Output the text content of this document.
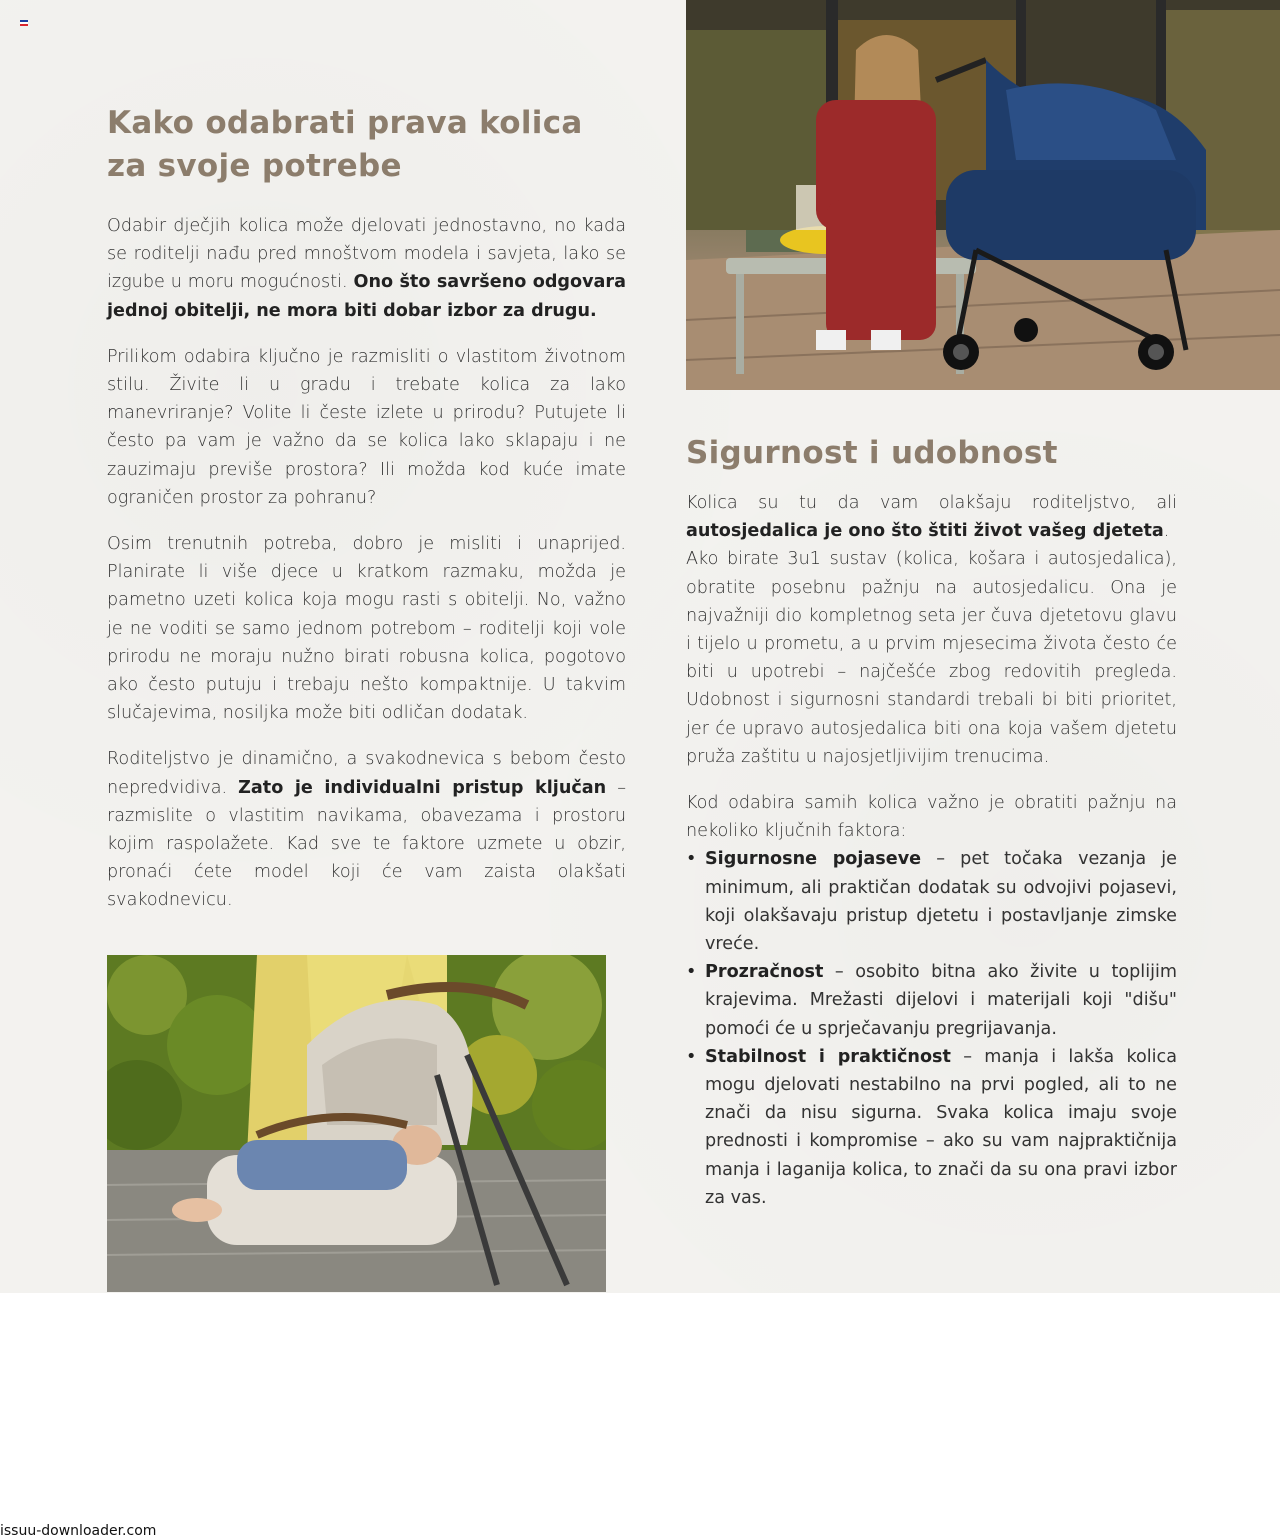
Kako odabrati prava kolica
za svoje potrebe

Odabir dječjih kolica može djelovati jednostavno, no kada se roditelji nađu pred mnoštvom modela i savjeta, lako se izgube u moru mogućnosti. Ono što savršeno odgovara jednoj obitelji, ne mora biti dobar izbor za drugu.

Prilikom odabira ključno je razmisliti o vlastitom životnom stilu. Živite li u gradu i trebate kolica za lako manevriranje? Volite li česte izlete u prirodu? Putujete li često pa vam je važno da se kolica lako sklapaju i ne zauzimaju previše prostora? Ili možda kod kuće imate ograničen prostor za pohranu?

Osim trenutnih potreba, dobro je misliti i unaprijed. Planirate li više djece u kratkom razmaku, možda je pametno uzeti kolica koja mogu rasti s obitelji. No, važno je ne voditi se samo jednom potrebom – roditelji koji vole prirodu ne moraju nužno birati robusna kolica, pogotovo ako često putuju i trebaju nešto kompaktnije. U takvim slučajevima, nosiljka može biti odličan dodatak.

Roditeljstvo je dinamično, a svakodnevica s bebom često nepredvidiva. Zato je individualni pristup ključan – razmislite o vlastitim navikama, obavezama i prostoru kojim raspolažete. Kad sve te faktore uzmete u obzir, pronaći ćete model koji će vam zaista olakšati svakodnevicu.

Sigurnost i udobnost

Kolica su tu da vam olakšaju roditeljstvo, ali autosjedalica je ono što štiti život vašeg djeteta.
Ako birate 3u1 sustav (kolica, košara i autosjedalica), obratite posebnu pažnju na autosjedalicu. Ona je najvažniji dio kompletnog seta jer čuva djetetovu glavu i tijelo u prometu, a u prvim mjesecima života često će biti u upotrebi – najčešće zbog redovitih pregleda. Udobnost i sigurnosni standardi trebali bi biti prioritet, jer će upravo autosjedalica biti ona koja vašem djetetu pruža zaštitu u najosjetljivijim trenucima.

Kod odabira samih kolica važno je obratiti pažnju na nekoliko ključnih faktora:

• Sigurnosne pojaseve – pet točaka vezanja je minimum, ali praktičan dodatak su odvojivi pojasevi, koji olakšavaju pristup djetetu i postavljanje zimske vreće.
• Prozračnost – osobito bitna ako živite u toplijim krajevima. Mrežasti dijelovi i materijali koji "dišu" pomoći će u sprječavanju pregrijavanja.
• Stabilnost i praktičnost – manja i lakša kolica mogu djelovati nestabilno na prvi pogled, ali to ne znači da nisu sigurna. Svaka kolica imaju svoje prednosti i kompromise – ako su vam najpraktičnija manja i laganija kolica, to znači da su ona pravi izbor za vas.
issuu-downloader.com
